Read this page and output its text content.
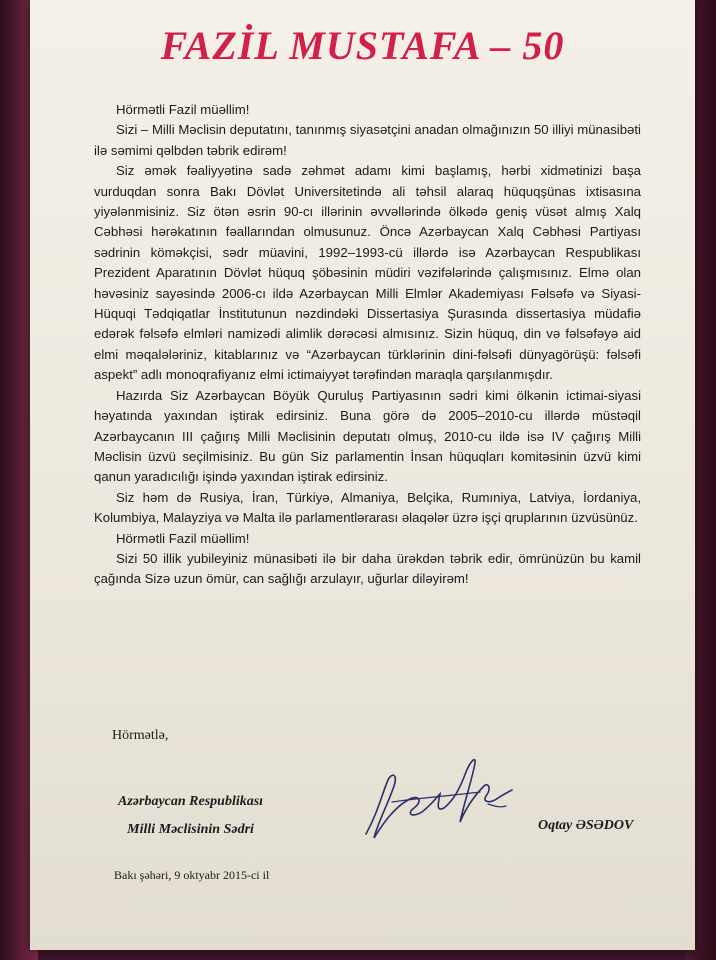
FAZİL MUSTAFA – 50

Hörmətli Fazil müəllim!

Sizi – Milli Məclisin deputatını, tanınmış siyasətçini anadan olmağınızın 50 illiyi münasibəti ilə səmimi qəlbdən təbrik edirəm!

Siz əmək fəaliyyətinə sadə zəhmət adamı kimi başlamış, hərbi xidmətinizi başa vurduqdan sonra Bakı Dövlət Universitetində ali təhsil alaraq hüquqşünas ixtisasına yiyələnmisiniz. Siz ötən əsrin 90-cı illərinin əvvəllərində ölkədə geniş vüsət almış Xalq Cəbhəsi hərəkatının fəallarından olmusunuz. Öncə Azərbaycan Xalq Cəbhəsi Partiyası sədrinin köməkçisi, sədr müavini, 1992–1993-cü illərdə isə Azərbaycan Respublikası Prezident Aparatının Dövlət hüquq şöbəsinin müdiri vəzifələrində çalışmısınız. Elmə olan həvəsiniz sayəsində 2006-cı ildə Azərbaycan Milli Elmlər Akademiyası Fəlsəfə və Siyasi-Hüquqi Tədqiqatlar İnstitutunun nəzdindəki Dissertasiya Şurasında dissertasiya müdafiə edərək fəlsəfə elmləri namizədi alimlik dərəcəsi almısınız. Sizin hüquq, din və fəlsəfəyə aid elmi məqalələriniz, kitablarınız və “Azərbaycan türklərinin dini-fəlsəfi dünyagörüşü: fəlsəfi aspekt” adlı monoqrafiyanız elmi ictimaiyyət tərəfindən maraqla qarşılanmışdır.

Hazırda Siz Azərbaycan Böyük Quruluş Partiyasının sədri kimi ölkənin ictimai-siyasi həyatında yaxından iştirak edirsiniz. Buna görə də 2005–2010-cu illərdə müstəqil Azərbaycanın III çağırış Milli Məclisinin deputatı olmuş, 2010-cu ildə isə IV çağırış Milli Məclisin üzvü seçilmisiniz. Bu gün Siz parlamentin İnsan hüquqları komitəsinin üzvü kimi qanun yaradıcılığı işində yaxından iştirak edirsiniz.

Siz həm də Rusiya, İran, Türkiyə, Almaniya, Belçika, Rumıniya, Latviya, İordaniya, Kolumbiya, Malayziya və Malta ilə parlamentlərarası əlaqələr üzrə işçi qruplarının üzvüsünüz.

Hörmətli Fazil müəllim!

Sizi 50 illik yubileyiniz münasibəti ilə bir daha ürəkdən təbrik edir, ömrünüzün bu kamil çağında Sizə uzun ömür, can sağlığı arzulayır, uğurlar diləyirəm!

Hörmətlə,

Azərbaycan Respublikası
Milli Məclisinin Sədri	Oqtay ƏSƏDOV
Bakı şəhəri, 9 oktyabr 2015-ci il
